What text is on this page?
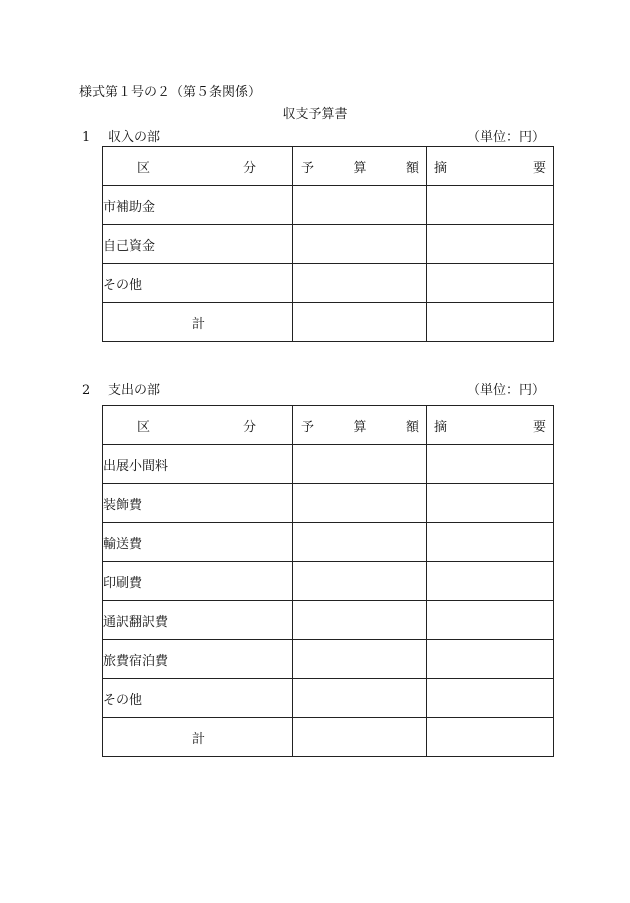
様式第１号の２（第５条関係）
収支予算書
1 収入の部	（単位：円）
区 分	予 算 額	摘 要

市補助金		
自己資金		
その他		
計		
2 支出の部	（単位：円）
区 分	予 算 額	摘 要

出展小間料		
装飾費		
輸送費		
印刷費		
通訳翻訳費		
旅費宿泊費		
その他		
計		
